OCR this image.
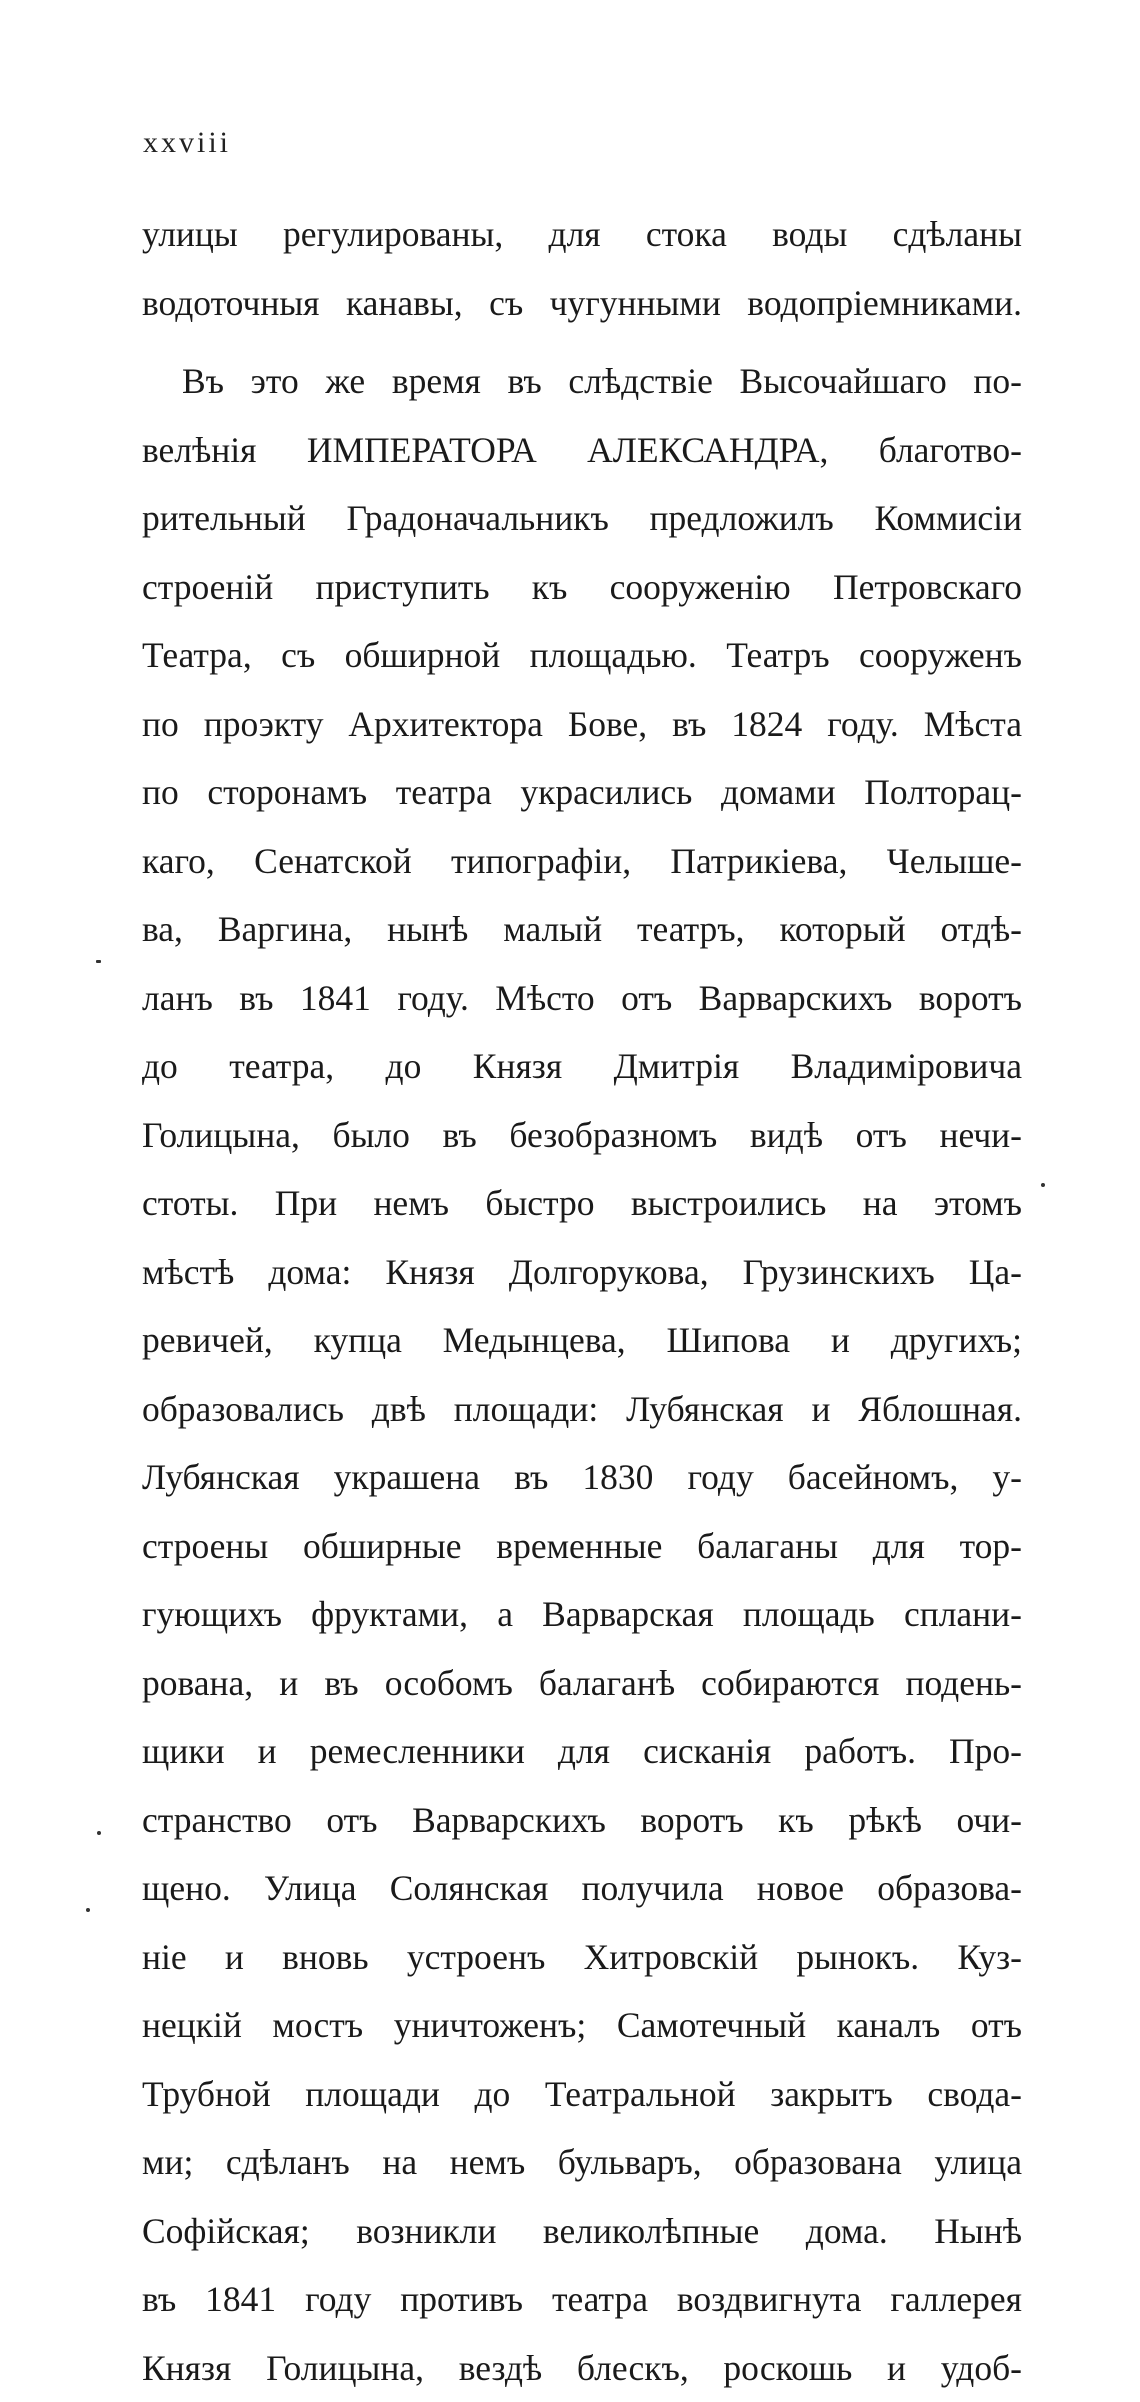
xxviii
улицы регулированы, для стока воды сдѣланы
водоточныя канавы, съ чугунными водопріемниками.
Въ это же время въ слѣдствіе Высочайшаго по-
велѣнія ИМПЕРАТОРА АЛЕКСАНДРА, благотво-
рительный Градоначальникъ предложилъ Коммисіи
строеній приступить къ сооруженію Петровскаго
Театра, съ обширной площадью. Театръ сооруженъ
по проэкту Архитектора Бове, въ 1824 году. Мѣста
по сторонамъ театра украсились домами Полторац-
каго, Сенатской типографіи, Патрикіева, Челыше-
ва, Варгина, нынѣ малый театръ, который отдѣ-
ланъ въ 1841 году. Мѣсто отъ Варварскихъ воротъ
до театра, до Князя Дмитрія Владиміровича
Голицына, было въ безобразномъ видѣ отъ нечи-
стоты. При немъ быстро выстроились на этомъ
мѣстѣ дома: Князя Долгорукова, Грузинскихъ Ца-
ревичей, купца Медынцева, Шипова и другихъ;
образовались двѣ площади: Лубянская и Яблошная.
Лубянская украшена въ 1830 году басейномъ, у-
строены обширные временные балаганы для тор-
гующихъ фруктами, а Варварская площадь сплани-
рована, и въ особомъ балаганѣ собираются подень-
щики и ремесленники для сисканія работъ. Про-
странство отъ Варварскихъ воротъ къ рѣкѣ очи-
щено. Улица Солянская получила новое образова-
ніе и вновь устроенъ Хитровскій рынокъ. Куз-
нецкій мостъ уничтоженъ; Самотечный каналъ отъ
Трубной площади до Театральной закрытъ свода-
ми; сдѣланъ на немъ бульваръ, образована улица
Софійская; возникли великолѣпные дома. Нынѣ
въ 1841 году противъ театра воздвигнута галлерея
Князя Голицына, вездѣ блескъ, роскошь и удоб-
